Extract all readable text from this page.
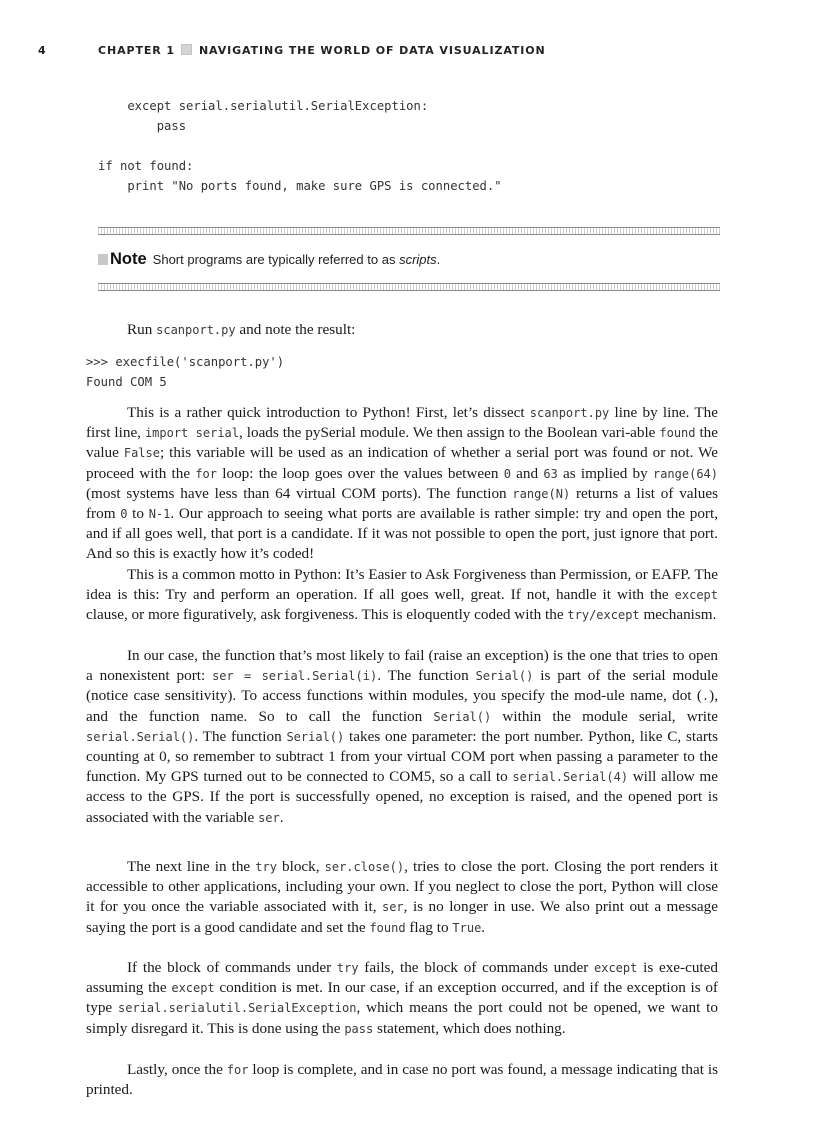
4	CHAPTER 1 NAVIGATING THE WORLD OF DATA VISUALIZATION
except serial.serialutil.SerialException:
pass
if not found:
print "No ports found, make sure GPS is connected."
Note Short programs are typically referred to as scripts.

Run scanport.py and note the result:

>>> execfile('scanport.py')
Found COM 5

This is a rather quick introduction to Python! First, let’s dissect scanport.py line by line. The first line, import serial, loads the pySerial module. We then assign to the Boolean vari-able found the value False; this variable will be used as an indication of whether a serial port was found or not. We proceed with the for loop: the loop goes over the values between 0 and 63 as implied by range(64) (most systems have less than 64 virtual COM ports). The function range(N) returns a list of values from 0 to N-1. Our approach to seeing what ports are available is rather simple: try and open the port, and if all goes well, that port is a candidate. If it was not possible to open the port, just ignore that port. And so this is exactly how it’s coded!

This is a common motto in Python: It’s Easier to Ask Forgiveness than Permission, or EAFP. The idea is this: Try and perform an operation. If all goes well, great. If not, handle it with the except clause, or more figuratively, ask forgiveness. This is eloquently coded with the try/except mechanism.

In our case, the function that’s most likely to fail (raise an exception) is the one that tries to open a nonexistent port: ser = serial.Serial(i). The function Serial() is part of the serial module (notice case sensitivity). To access functions within modules, you specify the mod-ule name, dot (.), and the function name. So to call the function Serial() within the module serial, write serial.Serial(). The function Serial() takes one parameter: the port number. Python, like C, starts counting at 0, so remember to subtract 1 from your virtual COM port when passing a parameter to the function. My GPS turned out to be connected to COM5, so a call to serial.Serial(4) will allow me access to the GPS. If the port is successfully opened, no exception is raised, and the opened port is associated with the variable ser.

The next line in the try block, ser.close(), tries to close the port. Closing the port renders it accessible to other applications, including your own. If you neglect to close the port, Python will close it for you once the variable associated with it, ser, is no longer in use. We also print out a message saying the port is a good candidate and set the found flag to True.

If the block of commands under try fails, the block of commands under except is exe-cuted assuming the except condition is met. In our case, if an exception occurred, and if the exception is of type serial.serialutil.SerialException, which means the port could not be opened, we want to simply disregard it. This is done using the pass statement, which does nothing.

Lastly, once the for loop is complete, and in case no port was found, a message indicating that is printed.
